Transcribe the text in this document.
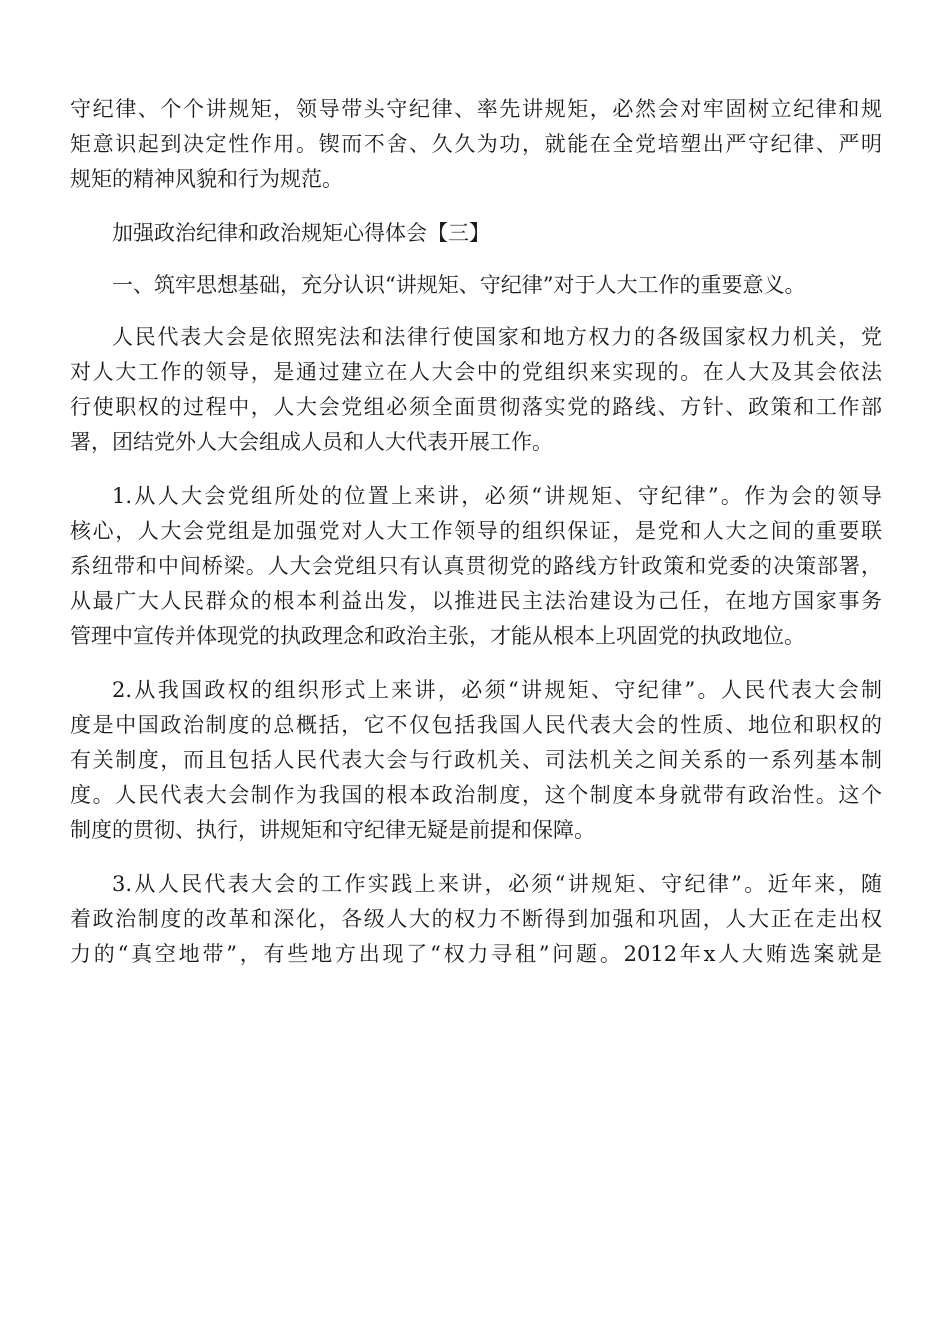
守纪律、个个讲规矩，领导带头守纪律、率先讲规矩，必然会对牢固树立纪律和规
矩意识起到决定性作用。锲而不舍、久久为功，就能在全党培塑出严守纪律、严明
规矩的精神风貌和行为规范。
加强政治纪律和政治规矩心得体会【三】
一、筑牢思想基础，充分认识“讲规矩、守纪律”对于人大工作的重要意义。
人民代表大会是依照宪法和法律行使国家和地方权力的各级国家权力机关，党
对人大工作的领导，是通过建立在人大会中的党组织来实现的。在人大及其会依法
行使职权的过程中，人大会党组必须全面贯彻落实党的路线、方针、政策和工作部
署，团结党外人大会组成人员和人大代表开展工作。
1.从人大会党组所处的位置上来讲，必须“讲规矩、守纪律”。作为会的领导
核心，人大会党组是加强党对人大工作领导的组织保证，是党和人大之间的重要联
系纽带和中间桥梁。人大会党组只有认真贯彻党的路线方针政策和党委的决策部署，
从最广大人民群众的根本利益出发，以推进民主法治建设为己任，在地方国家事务
管理中宣传并体现党的执政理念和政治主张，才能从根本上巩固党的执政地位。
2.从我国政权的组织形式上来讲，必须“讲规矩、守纪律”。人民代表大会制
度是中国政治制度的总概括，它不仅包括我国人民代表大会的性质、地位和职权的
有关制度，而且包括人民代表大会与行政机关、司法机关之间关系的一系列基本制
度。人民代表大会制作为我国的根本政治制度，这个制度本身就带有政治性。这个
制度的贯彻、执行，讲规矩和守纪律无疑是前提和保障。
3.从人民代表大会的工作实践上来讲，必须“讲规矩、守纪律”。近年来，随
着政治制度的改革和深化，各级人大的权力不断得到加强和巩固，人大正在走出权
力的“真空地带”，有些地方出现了“权力寻租”问题。2012年x人大贿选案就是
